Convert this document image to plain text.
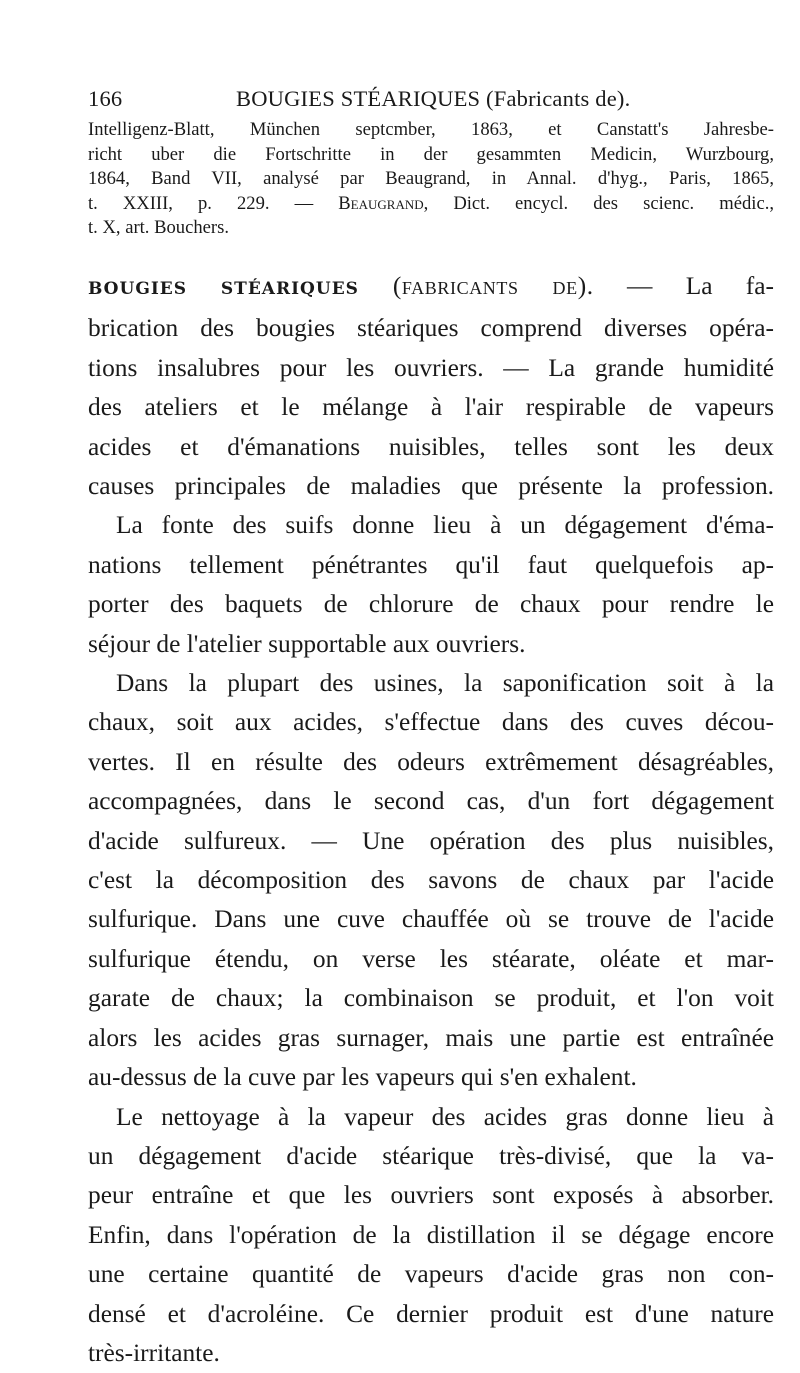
166	BOUGIES STÉARIQUES (Fabricants de).
Intelligenz-Blatt, München septcmber, 1863, et Canstatt's Jahresbe-
richt uber die Fortschritte in der gesammten Medicin, Wurzbourg,
1864, Band VII, analysé par Beaugrand, in Annal. d'hyg., Paris, 1865,
t. XXIII, p. 229. — Beaugrand, Dict. encycl. des scienc. médic.,
t. X, art. Bouchers.
BOUGIES STÉARIQUES (fabricants de). — La fa-
brication des bougies stéariques comprend diverses opéra-
tions insalubres pour les ouvriers. — La grande humidité
des ateliers et le mélange à l'air respirable de vapeurs
acides et d'émanations nuisibles, telles sont les deux
causes principales de maladies que présente la profession.
La fonte des suifs donne lieu à un dégagement d'éma-
nations tellement pénétrantes qu'il faut quelquefois ap-
porter des baquets de chlorure de chaux pour rendre le
séjour de l'atelier supportable aux ouvriers.
Dans la plupart des usines, la saponification soit à la
chaux, soit aux acides, s'effectue dans des cuves décou-
vertes. Il en résulte des odeurs extrêmement désagréables,
accompagnées, dans le second cas, d'un fort dégagement
d'acide sulfureux. — Une opération des plus nuisibles,
c'est la décomposition des savons de chaux par l'acide
sulfurique. Dans une cuve chauffée où se trouve de l'acide
sulfurique étendu, on verse les stéarate, oléate et mar-
garate de chaux; la combinaison se produit, et l'on voit
alors les acides gras surnager, mais une partie est entraînée
au-dessus de la cuve par les vapeurs qui s'en exhalent.
Le nettoyage à la vapeur des acides gras donne lieu à
un dégagement d'acide stéarique très-divisé, que la va-
peur entraîne et que les ouvriers sont exposés à absorber.
Enfin, dans l'opération de la distillation il se dégage encore
une certaine quantité de vapeurs d'acide gras non con-
densé et d'acroléine. Ce dernier produit est d'une nature
très-irritante.
